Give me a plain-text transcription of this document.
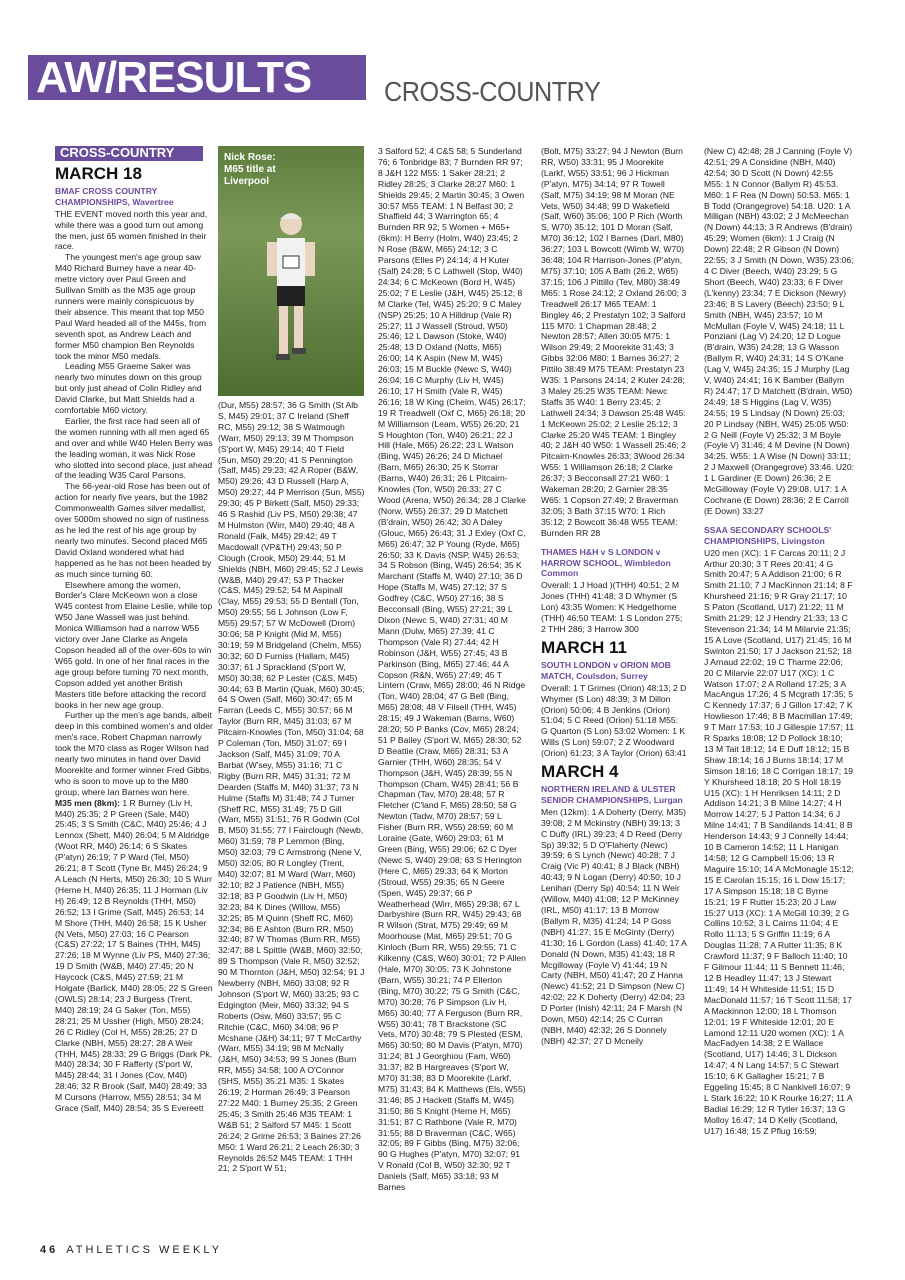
AW/RESULTS	CROSS-COUNTRY
CROSS-COUNTRY
MARCH 18
BMAF CROSS COUNTRY CHAMPIONSHIPS, Wavertree

THE EVENT moved north this year and, while there was a good turn out among the men, just 65 women finished in their race.

The youngest men's age group saw M40 Richard Burney have a near 40-metre victory over Paul Green and Sullivan Smith as the M35 age group runners were mainly conspicuous by their absence. This meant that top M50 Paul Ward headed all of the M45s, from seventh spot, as Andrew Leach and former M50 champion Ben Reynolds took the minor M50 medals.

Leading M55 Graeme Saker was nearly two minutes down on this group but only just ahead of Colin Ridley and David Clarke, but Matt Shields had a comfortable M60 victory.

Earlier, the first race had seen all of the women running with all men aged 65 and over and while W40 Helen Berry was the leading woman, it was Nick Rose who slotted into second place, just ahead of the leading W35 Carol Parsons.

The 66-year-old Rose has been out of action for nearly five years, but the 1982 Commonwealth Games silver medallist, over 5000m showed no sign of rustiness as he led the rest of his age group by nearly two minutes. Second placed M65 David Oxland wondered what had happened as he has not been headed by as much since turning 60.

Elsewhere among the women, Border's Clare McKeown won a close W45 contest from Elaine Leslie, while top W50 Jane Wassell was just behind. Monica Williamson had a narrow W55 victory over Jane Clarke as Angela Copson headed all of the over-60s to win W65 gold. In one of her final races in the age group before turning 70 next month, Copson added yet another British Masters title before attacking the record books in her new age group.

Further up the men's age bands, albeit deep in this combined women's and older men's race, Robert Chapman narrowly took the M70 class as Roger Wilson had nearly two minutes in hand over David Moorekite and former winner Fred Gibbs, who is soon to move up to the M80 group, where Ian Barnes won here.

M35 men (8km): 1 R Burney (Liv H, M40) 25:35; 2 P Green (Sale, M40) 25:45; 3 S Smith (C&C, M40) 25:46; 4 J Lennox (Shett, M40) 26:04; 5 M Aldridge (Woot RR, M40) 26:14; 6 S Skates (P'atyn) 26:19; 7 P Ward (Tel, M50) 26:21; 8 T Scott (Tyne Br, M45) 26:24; 9 A Leach (N Herts, M50) 26:30; 10 S Wurr (Herne H, M40) 26:35; 11 J Horman (Liv H) 26:49; 12 B Reynolds (THH, M50) 26:52; 13 I Grime (Salf, M45) 26:53; 14 M Shore (THH, M40) 26:58; 15 K Usher (N Vets, M50) 27:03; 16 C Pearson (C&S) 27:22; 17 S Baines (THH, M45) 27:26; 18 M Wynne (Liv PS, M40) 27:36; 19 D Smith (W&B, M40) 27:45; 20 N Haycock (C&S, M45) 27:59; 21 M Holgate (Barlick, M40) 28:05; 22 S Green (OWLS) 28:14; 23 J Burgess (Trent, M40) 28:19; 24 G Saker (Ton, M55) 28:21; 25 M Ussher (High, M50) 28:24; 26 C Ridley (Col H, M55) 28:25; 27 D Clarke (NBH, M55) 28:27; 28 A Weir (THH, M45) 28:33; 29 G Briggs (Dark Pk, M40) 28:34; 30 F Rafferty (S'port W, M45) 28:44; 31 I Jones (Cov, M40) 28:46; 32 R Brook (Salf, M40) 28:49; 33 M Cursons (Harrow, M55) 28:51; 34 M Grace (Salf, M40) 28:54; 35 S Evereett

Nick Rose: M65 title at Liverpool

(Dur, M55) 28:57; 36 G Smith (St Alb S, M45) 29:01; 37 C Ireland (Sheff RC, M55) 29:12; 38 S Watmough (Warr, M50) 29:13; 39 M Thompson (S'port W, M45) 29:14; 40 T Field (Sun, M50) 29:20; 41 S Pennington (Salf, M45) 29:23; 42 A Roper (B&W, M50) 29:26; 43 D Russell (Harp A, M50) 29:27; 44 P Merrison (Sun, M55) 29:30; 45 P Birkett (Salf, M50) 29:33; 46 S Rashid (Liv PS, M50) 29:38; 47 M Hulmston (Wirr, M40) 29:40; 48 A Ronald (Falk, M45) 29:42; 49 T Macdowall (VP&TH) 29:43; 50 P Clough (Crook, M50) 29:44; 51 M Shields (NBH, M60) 29:45; 52 J Lewis (W&B, M40) 29:47; 53 P Thacker (C&S, M45) 29:52; 54 M Aspinall (Clay, M55) 29:53; 55 D Bentall (Ton, M50) 29:55; 56 L Johnson (Low F, M55) 29:57; 57 W McDowell (Drom) 30:06; 58 P Knight (Mid M, M55) 30:19; 59 M Bridgeland (Chelm, M55) 30:32; 60 D Furniss (Hallam, M45) 30:37; 61 J Sprackland (S'port W, M50) 30:38; 62 P Lester (C&S, M45) 30:44; 63 B Martin (Quak, M60) 30:45; 64 S Owen (Salf, M60) 30:47; 65 M Farran (Leeds C, M55) 30:57; 66 M Taylor (Burn RR, M45) 31:03; 67 M Pitcairn-Knowles (Ton, M50) 31:04; 68 P Coleman (Ton, M50) 31:07; 69 I Jackson (Salf, M45) 31:09; 70 A Barbat (W'sey, M55) 31:16; 71 C Rigby (Burn RR, M45) 31:31; 72 M Dearden (Staffs M, M40) 31:37; 73 N Hulme (Staffs M) 31:48; 74 J Turner (Sheff RC, M55) 31:49; 75 D Gill (Warr, M55) 31:51; 76 R Godwin (Col B, M50) 31:55; 77 I Fairclough (Newb, M60) 31:59; 78 P Lemmon (Bing, M50) 32:03; 79 C Armstrong (Nene V, M50) 32:05; 80 R Longley (Trent, M40) 32:07; 81 M Ward (Warr, M60) 32:10; 82 J Patience (NBH, M55) 32:18; 83 P Goodwin (Liv H, M50) 32:23; 84 K Dines (Willow, M55) 32:25; 85 M Quinn (Sheff RC, M60) 32:34; 86 E Ashton (Burn RR, M50) 32:40; 87 W Thomas (Burn RR, M55) 32:47; 88 L Spittle (W&B, M60) 32:50; 89 S Thompson (Vale R, M50) 32:52; 90 M Thornton (J&H, M50) 32:54; 91 J Newberry (NBH, M60) 33:08; 92 R Johnson (S'port W, M60) 33:25; 93 C Edgington (Meir, M60) 33:32; 94 S Roberts (Osw, M60) 33:57; 95 C Ritchie (C&C, M60) 34:08; 96 P Mcshane (J&H) 34:11; 97 T McCarthy (Warr, M55) 34:19; 98 M McNally (J&H, M50) 34:53; 99 S Jones (Burn RR, M55) 34:58; 100 A O'Connor (SHS, M55) 35:21 M35: 1 Skates 26:19; 2 Horman 26:49; 3 Pearson 27:22 M40: 1 Burney 25:35; 2 Green 25:45; 3 Smith 25:46 M35 TEAM: 1 W&B 51; 2 Salford 57 M45: 1 Scott 26:24; 2 Grime 26:53; 3 Baines 27:26 M50: 1 Ward 26:21; 2 Leach 26:30; 3 Reynolds 26:52 M45 TEAM: 1 THH 21; 2 S'port W 51;

3 Salford 52; 4 C&S 58; 5 Sunderland 76; 6 Tonbridge 83; 7 Burnden RR 97; 8 J&H 122 M55: 1 Saker 28:21; 2 Ridley 28:25; 3 Clarke 28:27 M60: 1 Shields 29:45; 2 Martin 30:45; 3 Owen 30:57 M55 TEAM: 1 N Belfast 30; 2 Shaffield 44; 3 Warrington 65; 4 Burnden RR 92; 5 Women + M65+ (6km): H Berry (Holm, W40) 23:45; 2 N Rose (B&W, M65) 24:12; 3 C Parsons (Elles P) 24:14; 4 H Kuter (Salf) 24:28; 5 C Lathwell (Stop, W40) 24:34; 6 C McKeown (Bord H, W45) 25:02; 7 E Leslie (J&H, W45) 25:12; 8 M Clarke (Tel, W45) 25:20; 9 C Maley (NSP) 25:25; 10 A Hilldrup (Vale R) 25:27; 11 J Wassell (Stroud, W50) 25:46; 12 L Dawson (Stoke, W40) 25:48; 13 D Oxland (Notts, M65) 26:00; 14 K Aspin (New M, W45) 26:03; 15 M Buckle (Newc S, W40) 26:04; 16 C Murphy (Liv H, W45) 26:10; 17 H Smith (Vale R, W45) 26:16; 18 W King (Chelm, W45) 26:17; 19 R Treadwell (Oxf C, M65) 26:18; 20 M Williamson (Leam, W55) 26:20; 21 S Houghton (Ton, W40) 26:21; 22 J Hill (Hale, M65) 26:22; 23 L Watson (Bing, W45) 26:26; 24 D Michael (Barn, M65) 26:30; 25 K Storrar (Barns, W40) 26:31; 26 L Pitcairn-Knowles (Ton, W50) 26:33; 27 C Wood (Arena, W50) 26:34; 28 J Clarke (Norw, W55) 26:37; 29 D Matchett (B'drain, W50) 26:42; 30 A Daley (Glouc, M65) 26:43; 31 J Exley (Oxf C, M65) 26:47; 32 P Young (Ryde, M65) 26:50; 33 K Davis (NSP, W45) 26:53; 34 S Robson (Bing, W45) 26:54; 35 K Marchant (Staffs M, W40) 27:10; 36 D Hope (Staffs M, W45) 27:12; 37 S Godfrey (C&C, W50) 27:16; 38 S Becconsall (Bing, W55) 27:21; 39 L Dixon (Newc S, W40) 27:31; 40 M Mann (Dulw, M65) 27:39; 41 C Thompson (Vale R) 27:44; 42 H Robinson (J&H, W55) 27:45; 43 B Parkinson (Bing, M65) 27:46; 44 A Copson (R&N, W65) 27:49; 45 T Lintern (Craw, M65) 28:00; 46 N Ridge (Ton, W40) 28:04; 47 G Bell (Bing, M65) 28:08; 48 V Filsell (THH, W45) 28:15; 49 J Wakeman (Barns, W60) 28:20; 50 P Banks (Cov, M65) 28:24; 51 P Bailey (S'port W, M65) 28:30; 52 D Beattie (Craw, M65) 28:31; 53 A Garnier (THH, W60) 28:35; 54 V Thompson (J&H, W45) 28:39; 55 N Thompson (Cham, W45) 28:41; 56 B Chapman (Tav, M70) 28:48; 57 R Fletcher (C'land F, M65) 28:50; 58 G Newton (Tadw, M70) 28:57; 59 L Fisher (Burn RR, W55) 28:59; 60 M Loraine (Gate, W60) 29:03; 61 M Green (Bing, W55) 29:06; 62 C Dyer (Newc S, W40) 29:08; 63 S Herington (Here C, M65) 29:33; 64 K Morton (Stroud, W55) 29:35; 65 N Geere (Spen, W45) 29:37; 66 P Weatherhead (Wirr, M65) 29:38; 67 L Darbyshire (Burn RR, W45) 29:43; 68 R Wilson (Strat, M75) 29:49; 69 M Moorhouse (Mat, M65) 29:51; 70 G Kinloch (Burn RR, W55) 29:55; 71 C Kilkenny (C&S, W60) 30:01; 72 P Allen (Hale, M70) 30:05; 73 K Johnstone (Barn, W55) 30:21; 74 P Ellerton (Bing, M70) 30:22; 75 G Smith (C&C, M70) 30:28; 76 P Simpson (Liv H, M65) 30:40; 77 A Ferguson (Burn RR, W55) 30:41; 78 T Brackstone (SC Vets, M70) 30:48; 79 S Plested (ESM, M65) 30:50; 80 M Davis (P'atyn, M70) 31:24; 81 J Georghiou (Fam, W60) 31:37; 82 B Hargreaves (S'port W, M70) 31:38; 83 D Moorekite (Larkf, M75) 31:43; 84 K Matthews (Els, W55) 31:46; 85 J Hackett (Staffs M, W45) 31:50; 86 S Knight (Herne H, M65) 31:51; 87 C Rathbone (Vale R, M70) 31:55; 88 D Braverman (C&C, W65) 32:05; 89 F Gibbs (Bing, M75) 32:06; 90 G Hughes (P'atyn, M70) 32:07; 91 V Ronald (Col B, W50) 32:30; 92 T Daniels (Salf, M65) 33:18; 93 M Barnes

(Bolt, M75) 33:27; 94 J Newton (Burn RR, W50) 33:31; 95 J Moorekite (Larkf, W55) 33:51; 96 J Hickman (P'atyn, M75) 34:14; 97 R Towell (Salf, M75) 34:19; 98 M Moran (NE Vets, W50) 34:48; 99 D Wakefield (Salf, W60) 35:06; 100 P Rich (Worth S, W70) 35:12; 101 D Moran (Salf, M70) 36:12; 102 I Barnes (Darl, M80) 36:27; 103 L Bowcott (Wimb W, W70) 36:48; 104 R Harrison-Jones (P'atyn, M75) 37:10; 105 A Bath (26.2, W65) 37:15; 106 J Pittillo (Tev, M80) 38:49 M65: 1 Rose 24:12; 2 Oxland 26:00; 3 Treadwell 26:17 M65 TEAM: 1 Bingley 46; 2 Prestatyn 102; 3 Salford 115 M70: 1 Chapman 28:48; 2 Newton 28:57; Allen 30:05 M75: 1 Wilson 29:49; 2 Moorekite 31:43; 3 Gibbs 32:06 M80: 1 Barnes 36:27; 2 Pittilo 38:49 M75 TEAM: Prestatyn 23 W35: 1 Parsons 24:14; 2 Kuter 24:28; 3 Maley 25:25 W35 TEAM: Newc Staffs 35 W40: 1 Berry 23:45; 2 Lathwell 24:34; 3 Dawson 25:48 W45: 1 McKeown 25:02; 2 Leslie 25:12; 3 Clarke 25:20 W45 TEAM: 1 Bingley 40; 2 J&H 40 W50: 1 Wassell 25:46; 2 Pitcairn-Knowles 26:33; 3Wood 26:34 W55: 1 Williamson 26:18; 2 Clarke 26:37; 3 Becconsall 27:21 W60: 1 Wakeman 28:20; 2 Garnier 28:35 W65: 1 Copson 27:49; 2 Braverman 32:05; 3 Bath 37:15 W70: 1 Rich 35:12; 2 Bowcott 36:48 W55 TEAM: Burnden RR 28

THAMES H&H v S LONDON v HARROW SCHOOL, Wimbledon Common

Overall: 1 J Hoad )(THH) 40:51; 2 M Jones (THH) 41:48; 3 D Whymer (S Lon) 43:35 Women: K Hedgethorne (THH) 46:50 TEAM: 1 S London 275; 2 THH 286; 3 Harrow 300

MARCH 11
SOUTH LONDON v ORION MOB MATCH, Coulsdon, Surrey

Overall: 1 T Grimes (Orion) 48:13; 2 D Whymer (S Lon) 48:39; 3 M Dillon (Orion) 50:06; 4 B Jenkins (Orion) 51:04; 5 C Reed (Orion) 51:18 M55: G Quarton (S Lon) 53:02 Women: 1 K Wills (S Lon) 59:07; 2 Z Woodward (Orion) 61:23; 3 A Taylor (Orion) 63:41

MARCH 4
NORTHERN IRELAND & ULSTER SENIOR CHAMPIONSHIPS, Lurgan

Men (12km): 1 A Doherty (Derry, M35) 39:08; 2 M Mckinstry (NBH) 39:13; 3 C Duffy (IRL) 39:23; 4 D Reed (Derry Sp) 39:32; 5 D O'Flaherty (Newc) 39:59; 6 S Lynch (Newc) 40:28; 7 J Craig (Vic P) 40:41; 8 J Black (NBH) 40:43; 9 N Logan (Derry) 40:50; 10 J Lenihan (Derry Sp) 40:54; 11 N Weir (Willow, M40) 41:08; 12 P McKinney (IRL, M50) 41:17; 13 B Morrow (Ballym R, M35) 41:24; 14 P Goss (NBH) 41:27; 15 E McGinty (Derry) 41:30; 16 L Gordon (Lass) 41:40; 17 A Donald (N Down, M35) 41:43; 18 R Mcgilloway (Foyle V) 41:44; 19 N Carty (NBH, M50) 41:47; 20 Z Hanna (Newc) 41:52; 21 D Simpson (New C) 42:02; 22 K Doherty (Derry) 42:04; 23 D Porter (Inish) 42:11; 24 F Marsh (N Down, M50) 42:14; 25 C Curran (NBH, M40) 42:32; 26 S Donnely (NBH) 42:37; 27 D Mcneily

(New C) 42:48; 28 J Canning (Foyle V) 42:51; 29 A Considine (NBH, M40) 42:54; 30 D Scott (N Down) 42:55 M55: 1 N Connor (Ballym R) 45:53. M60: 1 F Rea (N Down) 50:53. M65: 1 B Todd (Orangegrove) 54:18. U20: 1 A Milligan (NBH) 43:02; 2 J McMeechan (N Down) 44:13; 3 R Andrews (B'drain) 45:29; Women (6km): 1 J Craig (N Down) 22:48; 2 R Gibson (N Down) 22:55; 3 J Smith (N Down, W35) 23:06; 4 C Diver (Beech, W40) 23:29; 5 G Short (Beech, W40) 23:33; 6 F Diver (L'kenny) 23:34; 7 E Dickson (Newry) 23:46; 8 S Lavery (Beech) 23:50; 9 L Smith (NBH, W45) 23:57; 10 M McMullan (Foyle V, W45) 24:18; 11 L Ponziani (Lag V) 24:20; 12 D Logue (B'drain, W35) 24:28; 13 G Wasson (Ballym R, W40) 24:31; 14 S O'Kane (Lag V, W45) 24:35; 15 J Murphy (Lag V, W40) 24:41; 16 K Bamber (Ballym R) 24:47; 17 D Matchett (B'drain, W50) 24:49; 18 S Higgins (Lag V, W35) 24:55; 19 S Lindsay (N Down) 25:03; 20 P Lindsay (NBH, W45) 25:05 W50: 2 G Neill (Foyle V) 25:32; 3 M Boyle (Foyle V) 31:46; 4 M Devine (N Down) 34:25. W55: 1 A Wise (N Down) 33:11; 2 J Maxwell (Orangegrove) 33:46. U20: 1 L Gardiner (E Down) 26:36; 2 E McGilloway (Foyle V) 29:08. U17: 1 A Cochrane (E Down) 28:36; 2 E Carroll (E Down) 33:27

SSAA SECONDARY SCHOOLS' CHAMPIONSHIPS, Livingston

U20 men (XC): 1 F Carcas 20:11; 2 J Arthur 20:30; 3 T Rees 20:41; 4 G Smith 20:47; 5 A Addison 21:00; 6 R Smith 21:10; 7 J MacKinnon 21:14; 8 F Khursheed 21:16; 9 R Gray 21:17; 10 S Paton (Scotland, U17) 21:22; 11 M Smith 21:29; 12 J Hendry 21:33; 13 C Stevenson 21:34; 14 M Milarvie 21:35; 15 A Love (Scotland, U17) 21:45; 16 M Swinton 21:50; 17 J Jackson 21:52; 18 J Arnaud 22:02; 19 C Tharme 22:06; 20 C Milarvie 22:07 U17 (XC): 1 C Watson 17:07; 2 A Rolland 17:25; 3 A MacAngus 17:26; 4 S Mcgrath 17:35; 5 C Kennedy 17:37; 6 J Gillon 17:42; 7 K Howlieson 17:46; 8 B Macmillan 17:49; 9 T Marr 17:53; 10 J Gillespie 17:57; 11 R Sparks 18:08; 12 D Pollock 18:10; 13 M Tait 18:12; 14 E Duff 18:12; 15 B Shaw 18:14; 16 J Burns 18:14; 17 M Simson 18:16; 18 C Corrigan 18:17; 19 Y Khursheed 18:18; 20 S Holl 18:19 U15 (XC): 1 H Henriksen 14:11; 2 D Addison 14:21; 3 B Milne 14:27; 4 H Morrow 14:27; 5 J Patton 14:34; 6 J Milne 14:41; 7 B Sandilands 14:41; 8 B Henderson 14:43; 9 J Connelly 14:44; 10 B Cameron 14:52; 11 L Hanigan 14:58; 12 G Campbell 15:06; 13 R Maguire 15:10; 14 A McMonagle 15:12; 15 E Carolan 15:15; 16 L Dow 15:17; 17 A Simpson 15:18; 18 C Byrne 15:21; 19 F Rutter 15:23; 20 J Law 15:27 U13 (XC): 1 A McGill 10:39; 2 G Collins 10:52; 3 L Cairns 11:04; 4 E Rollo 11:13; 5 S Griffin 11:19; 6 A Douglas 11:28; 7 A Rutter 11:35; 8 K Crawford 11:37; 9 F Balloch 11:40; 10 F Gilmour 11:44; 11 S Bennett 11:46; 12 B Headley 11:47; 13 J Stewart 11:49; 14 H Whiteside 11:51; 15 D MacDonald 11:57; 16 T Scott 11:58; 17 A Mackinnon 12:00; 18 L Thomson 12:01; 19 F Whiteside 12:01; 20 E Lamond 12:11 U20 women (XC): 1 A MacFadyen 14:38; 2 E Wallace (Scotland, U17) 14:46; 3 L Dickson 14:47; 4 N Lang 14:57; 5 C Stewart 15:10; 6 K Gallagher 15:21; 7 B Eggeling 15:45; 8 C Nankivell 16:07; 9 L Stark 16:22; 10 K Rourke 16:27; 11 A Badial 16:29; 12 R Tytler 16:37; 13 G Molloy 16:47; 14 D Kelly (Scotland, U17) 16:48; 15 Z Pflug 16:59;

46 ATHLETICS WEEKLY
